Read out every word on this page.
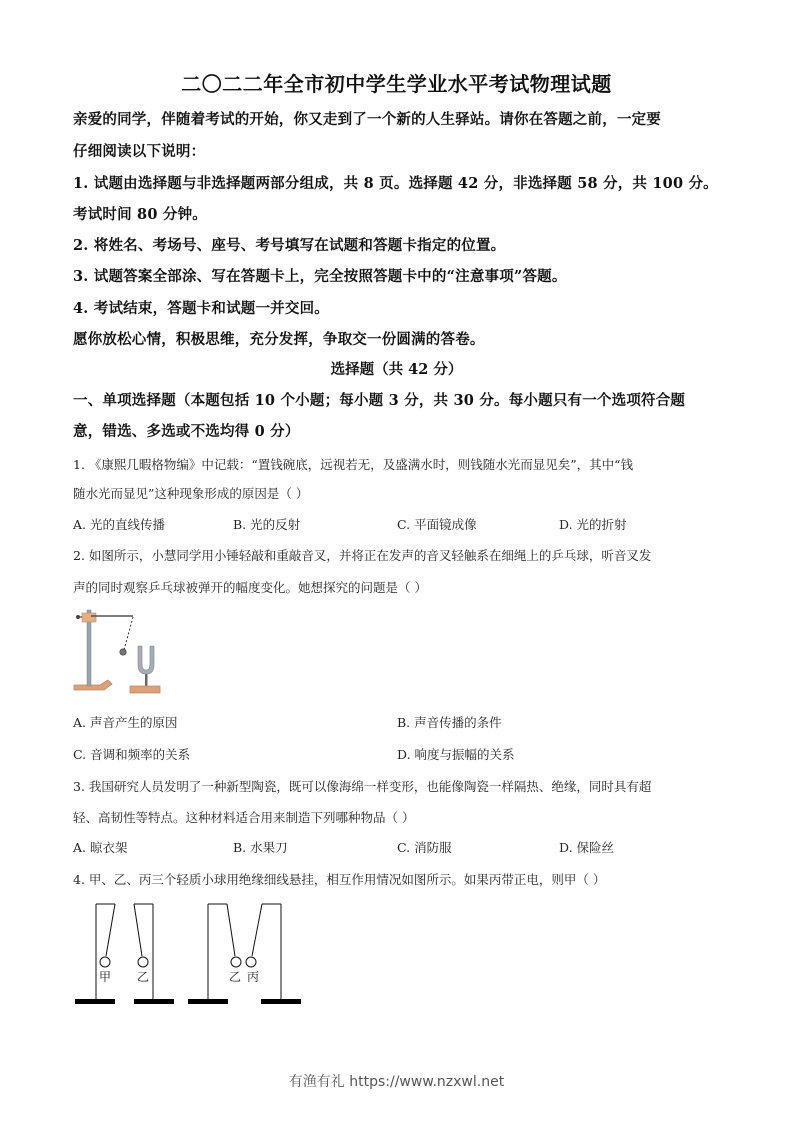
二〇二二年全市初中学生学业水平考试物理试题
亲爱的同学，伴随着考试的开始，你又走到了一个新的人生驿站。请你在答题之前，一定要
仔细阅读以下说明：
1. 试题由选择题与非选择题两部分组成，共 8 页。选择题 42 分，非选择题 58 分，共 100 分。
考试时间 80 分钟。
2. 将姓名、考场号、座号、考号填写在试题和答题卡指定的位置。
3. 试题答案全部涂、写在答题卡上，完全按照答题卡中的“注意事项”答题。
4. 考试结束，答题卡和试题一并交回。
愿你放松心情，积极思维，充分发挥，争取交一份圆满的答卷。
选择题（共 42 分）
一、单项选择题（本题包括 10 个小题；每小题 3 分，共 30 分。每小题只有一个选项符合题
意，错选、多选或不选均得 0 分）
1. 《康熙几暇格物编》中记载：“置钱碗底，远视若无，及盛满水时，则钱随水光而显见矣”，其中“钱
随水光而显见”这种现象形成的原因是（ ）
A. 光的直线传播	B. 光的反射	C. 平面镜成像	D. 光的折射
2. 如图所示，小慧同学用小锤轻敲和重敲音叉，并将正在发声的音叉轻触系在细绳上的乒乓球，听音叉发
声的同时观察乒乓球被弹开的幅度变化。她想探究的问题是（ ）
A. 声音产生的原因	B. 声音传播的条件
C. 音调和频率的关系	D. 响度与振幅的关系
3. 我国研究人员发明了一种新型陶瓷，既可以像海绵一样变形，也能像陶瓷一样隔热、绝缘，同时具有超
轻、高韧性等特点。这种材料适合用来制造下列哪种物品（ ）
A. 晾衣架	B. 水果刀	C. 消防服	D. 保险丝
4. 甲、乙、丙三个轻质小球用绝缘细线悬挂，相互作用情况如图所示。如果丙带正电，则甲（ ）
甲 乙	乙 丙
有渔有礼 https://www.nzxwl.net
